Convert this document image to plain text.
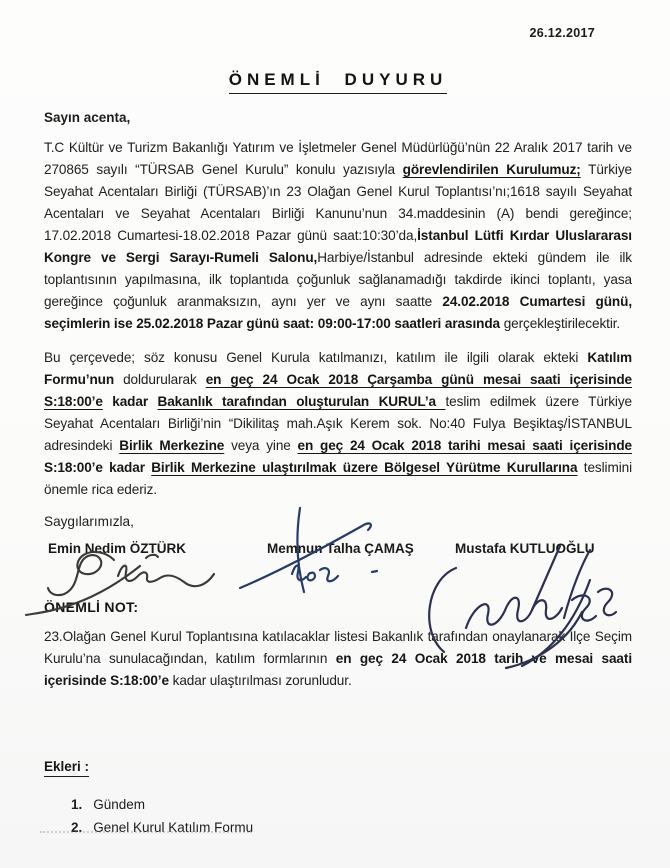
26.12.2017
ÖNEMLİ DUYURU
Sayın acenta,

T.C Kültür ve Turizm Bakanlığı Yatırım ve İşletmeler Genel Müdürlüğü’nün 22 Aralık 2017 tarih ve 270865 sayılı “TÜRSAB Genel Kurulu” konulu yazısıyla görevlendirilen Kurulumuz; Türkiye Seyahat Acentaları Birliği (TÜRSAB)’ın 23 Olağan Genel Kurul Toplantısı’nı;1618 sayılı Seyahat Acentaları ve Seyahat Acentaları Birliği Kanunu’nun 34.maddesinin (A) bendi gereğince; 17.02.2018 Cumartesi-18.02.2018 Pazar günü saat:10:30’da,İstanbul Lütfi Kırdar Uluslararası Kongre ve Sergi Sarayı-Rumeli Salonu,Harbiye/İstanbul adresinde ekteki gündem ile ilk toplantısının yapılmasına, ilk toplantıda çoğunluk sağlanamadığı takdirde ikinci toplantı, yasa gereğince çoğunluk aranmaksızın, aynı yer ve aynı saatte 24.02.2018 Cumartesi günü, seçimlerin ise 25.02.2018 Pazar günü saat: 09:00-17:00 saatleri arasında gerçekleştirilecektir.

Bu çerçevede; söz konusu Genel Kurula katılmanızı, katılım ile ilgili olarak ekteki Katılım Formu’nun doldurularak en geç 24 Ocak 2018 Çarşamba günü mesai saati içerisinde S:18:00’e kadar Bakanlık tarafından oluşturulan KURUL’a teslim edilmek üzere Türkiye Seyahat Acentaları Birliği’nin “Dikilitaş mah.Aşık Kerem sok. No:40 Fulya Beşiktaş/İSTANBUL adresindeki Birlik Merkezine veya yine en geç 24 Ocak 2018 tarihi mesai saati içerisinde S:18:00’e kadar Birlik Merkezine ulaştırılmak üzere Bölgesel Yürütme Kurullarına teslimini önemle rica ederiz.

Saygılarımızla,
Emin Nedim ÖZTÜRK	Memnun Talha ÇAMAŞ	Mustafa KUTLUOĞLU
ÖNEMLİ NOT:

23.Olağan Genel Kurul Toplantısına katılacaklar listesi Bakanlık tarafından onaylanarak İlçe Seçim Kurulu’na sunulacağından, katılım formlarının en geç 24 Ocak 2018 tarih ve mesai saati içerisinde S:18:00’e kadar ulaştırılması zorunludur.

Ekleri :
1. Gündem
2. Genel Kurul Katılım Formu
